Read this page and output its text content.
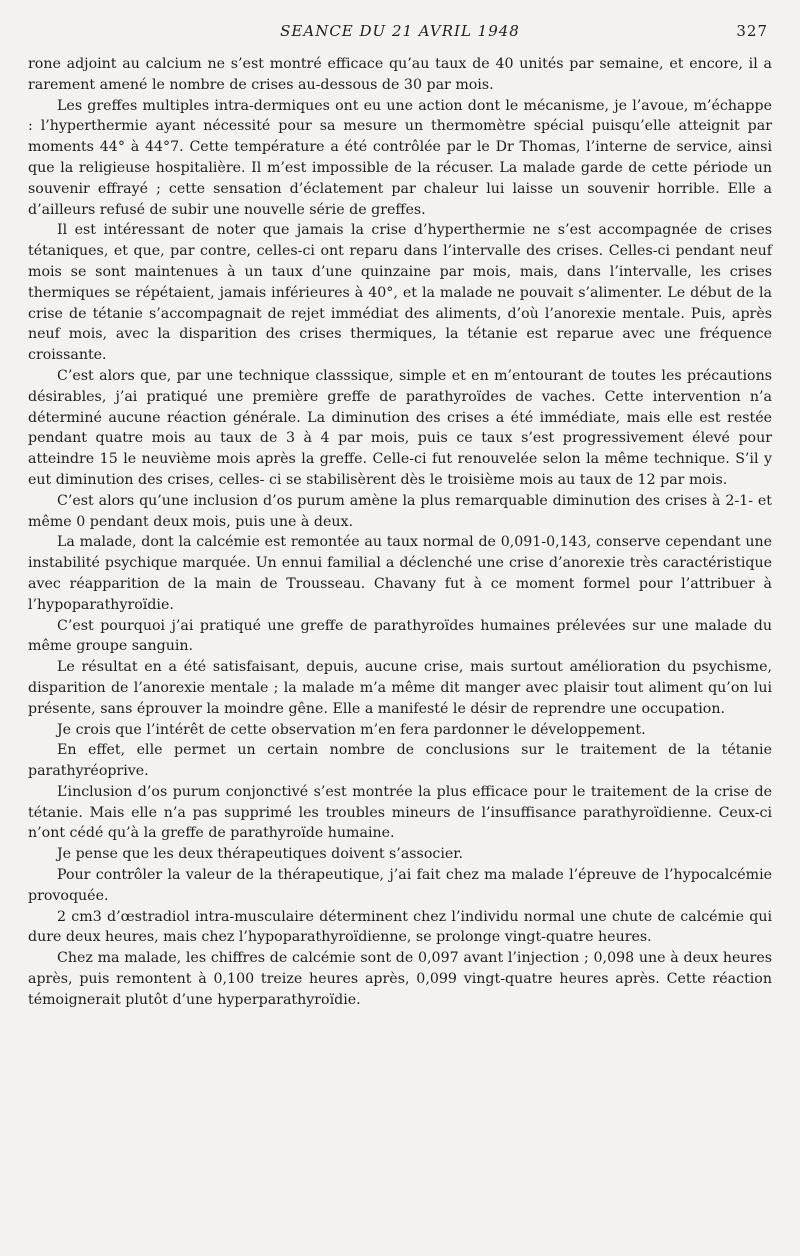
SEANCE DU 21 AVRIL 1948	327

rone adjoint au calcium ne s’est montré efficace qu’au taux de 40 unités par semaine, et encore, il a rarement amené le nombre de crises au-dessous de 30 par mois.

Les greffes multiples intra-dermiques ont eu une action dont le mécanisme, je l’avoue, m’échappe : l’hyperthermie ayant nécessité pour sa mesure un thermomètre spécial puisqu’elle atteignit par moments 44° à 44°7. Cette température a été contrôlée par le Dr Thomas, l’interne de service, ainsi que la religieuse hospitalière. Il m’est impossible de la récuser. La malade garde de cette période un souvenir effrayé ; cette sensation d’éclatement par chaleur lui laisse un souvenir horrible. Elle a d’ailleurs refusé de subir une nouvelle série de greffes.

Il est intéressant de noter que jamais la crise d’hyperthermie ne s’est accompagnée de crises tétaniques, et que, par contre, celles-ci ont reparu dans l’intervalle des crises. Celles-ci pendant neuf mois se sont maintenues à un taux d’une quinzaine par mois, mais, dans l’intervalle, les crises thermiques se répétaient, jamais inférieures à 40°, et la malade ne pouvait s’alimenter. Le début de la crise de tétanie s’accompagnait de rejet immédiat des aliments, d’où l’anorexie mentale. Puis, après neuf mois, avec la disparition des crises thermiques, la tétanie est reparue avec une fréquence croissante.

C’est alors que, par une technique classsique, simple et en m’entourant de toutes les précautions désirables, j’ai pratiqué une première greffe de parathyroïdes de vaches. Cette intervention n’a déterminé aucune réaction générale. La diminution des crises a été immédiate, mais elle est restée pendant quatre mois au taux de 3 à 4 par mois, puis ce taux s’est progressivement élevé pour atteindre 15 le neuvième mois après la greffe. Celle-ci fut renouvelée selon la même technique. S’il y eut diminution des crises, celles- ci se stabilisèrent dès le troisième mois au taux de 12 par mois.

C’est alors qu’une inclusion d’os purum amène la plus remarquable diminution des crises à 2-1- et même 0 pendant deux mois, puis une à deux.

La malade, dont la calcémie est remontée au taux normal de 0,091-0,143, conserve cependant une instabilité psychique marquée. Un ennui familial a déclenché une crise d’anorexie très caractéristique avec réapparition de la main de Trousseau. Chavany fut à ce moment formel pour l’attribuer à l’hypoparathyroïdie.

C’est pourquoi j’ai pratiqué une greffe de parathyroïdes humaines prélevées sur une malade du même groupe sanguin.

Le résultat en a été satisfaisant, depuis, aucune crise, mais surtout amélioration du psychisme, disparition de l’anorexie mentale ; la malade m’a même dit manger avec plaisir tout aliment qu’on lui présente, sans éprouver la moindre gêne. Elle a manifesté le désir de reprendre une occupation.

Je crois que l’intérêt de cette observation m’en fera pardonner le développement.

En effet, elle permet un certain nombre de conclusions sur le traitement de la tétanie parathyréoprive.

L’inclusion d’os purum conjonctivé s’est montrée la plus efficace pour le traitement de la crise de tétanie. Mais elle n’a pas supprimé les troubles mineurs de l’insuffisance parathyroïdienne. Ceux-ci n’ont cédé qu’à la greffe de parathyroïde humaine.

Je pense que les deux thérapeutiques doivent s’associer.

Pour contrôler la valeur de la thérapeutique, j’ai fait chez ma malade l’épreuve de l’hypocalcémie provoquée.

2 cm3 d’œstradiol intra-musculaire déterminent chez l’individu normal une chute de calcémie qui dure deux heures, mais chez l’hypoparathyroïdienne, se prolonge vingt-quatre heures.

Chez ma malade, les chiffres de calcémie sont de 0,097 avant l’injection ; 0,098 une à deux heures après, puis remontent à 0,100 treize heures après, 0,099 vingt-quatre heures après. Cette réaction témoignerait plutôt d’une hyperparathyroïdie.
